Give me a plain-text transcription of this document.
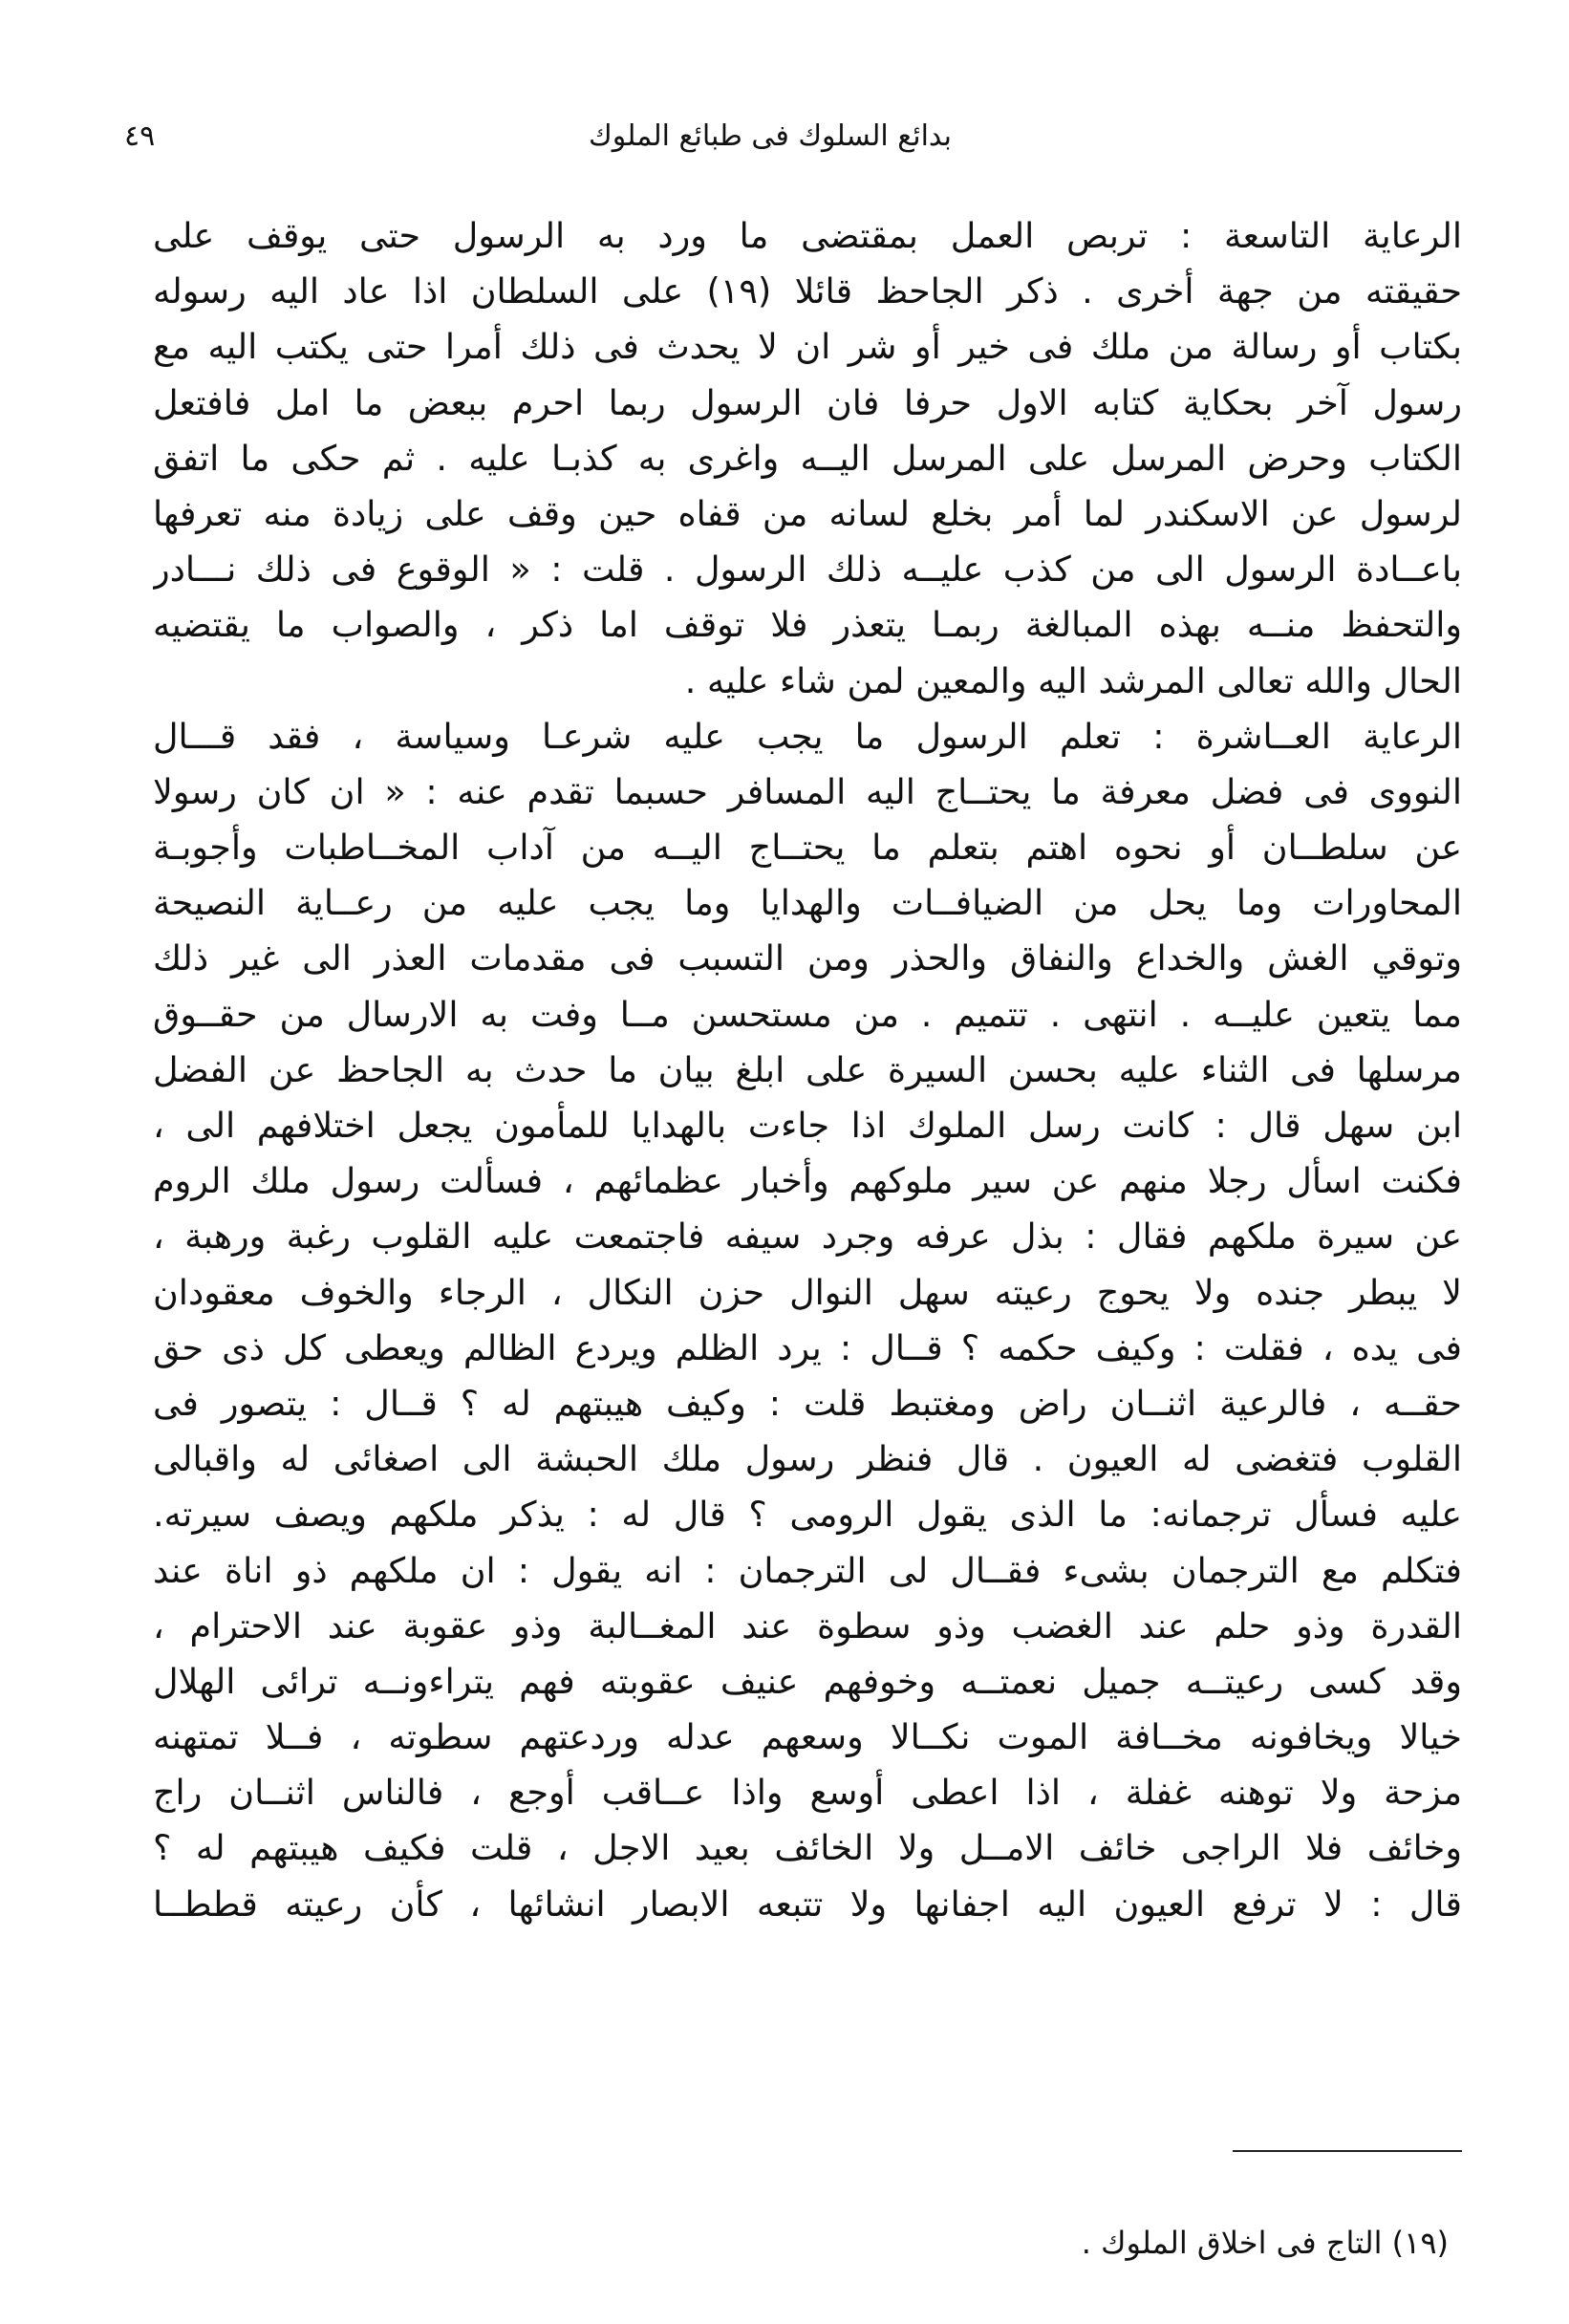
بدائع السلوك فى طبائع الملوك
٤٩
الرعاية التاسعة : تربص العمل بمقتضى ما ورد به الرسول حتى يوقف على
حقيقته من جهة أخرى . ذكر الجاحظ قائلا (١٩) على السلطان اذا عاد اليه رسوله
بكتاب أو رسالة من ملك فى خير أو شر ان لا يحدث فى ذلك أمرا حتى يكتب اليه مع
رسول آخر بحكاية كتابه الاول حرفا فان الرسول ربما احرم ببعض ما امل فافتعل
الكتاب وحرض المرسل على المرسل اليــه واغرى به كذبـا عليه . ثم حكى ما اتفق
لرسول عن الاسكندر لما أمر بخلع لسانه من قفاه حين وقف على زيادة منه تعرفها
باعــادة الرسول الى من كذب عليــه ذلك الرسول . قلت : « الوقوع فى ذلك نـــادر
والتحفظ منــه بهذه المبالغة ربمـا يتعذر فلا توقف اما ذكر ، والصواب ما يقتضيه
الحال والله تعالى المرشد اليه والمعين لمن شاء عليه .
الرعاية العــاشرة : تعلم الرسول ما يجب عليه شرعـا وسياسة ، فقد قـــال
النووى فى فضل معرفة ما يحتــاج اليه المسافر حسبما تقدم عنه : « ان كان رسولا
عن سلطــان أو نحوه اهتم بتعلم ما يحتــاج اليــه من آداب المخــاطبات وأجوبـة
المحاورات وما يحل من الضيافــات والهدايا وما يجب عليه من رعــاية النصيحة
وتوقي الغش والخداع والنفاق والحذر ومن التسبب فى مقدمات العذر الى غير ذلك
مما يتعين عليــه . انتهى . تتميم . من مستحسن مــا وفت به الارسال من حقــوق
مرسلها فى الثناء عليه بحسن السيرة على ابلغ بيان ما حدث به الجاحظ عن الفضل
ابن سهل قال : كانت رسل الملوك اذا جاءت بالهدايا للمأمون يجعل اختلافهم الى ،
فكنت اسأل رجلا منهم عن سير ملوكهم وأخبار عظمائهم ، فسألت رسول ملك الروم
عن سيرة ملكهم فقال : بذل عرفه وجرد سيفه فاجتمعت عليه القلوب رغبة ورهبة ،
لا يبطر جنده ولا يحوج رعيته سهل النوال حزن النكال ، الرجاء والخوف معقودان
فى يده ، فقلت : وكيف حكمه ؟ قــال : يرد الظلم ويردع الظالم ويعطى كل ذى حق
حقــه ، فالرعية اثنــان راض ومغتبط قلت : وكيف هيبتهم له ؟ قــال : يتصور فى
القلوب فتغضى له العيون . قال فنظر رسول ملك الحبشة الى اصغائى له واقبالى
عليه فسأل ترجمانه: ما الذى يقول الرومى ؟ قال له : يذكر ملكهم ويصف سيرته.
فتكلم مع الترجمان بشىء فقــال لى الترجمان : انه يقول : ان ملكهم ذو اناة عند
القدرة وذو حلم عند الغضب وذو سطوة عند المغــالبة وذو عقوبة عند الاحترام ،
وقد كسى رعيتــه جميل نعمتــه وخوفهم عنيف عقوبته فهم يتراءونــه ترائى الهلال
خيالا ويخافونه مخــافة الموت نكــالا وسعهم عدله وردعتهم سطوته ، فــلا تمتهنه
مزحة ولا توهنه غفلة ، اذا اعطى أوسع واذا عــاقب أوجع ، فالناس اثنــان راج
وخائف فلا الراجى خائف الامــل ولا الخائف بعيد الاجل ، قلت فكيف هيبتهم له ؟
قال : لا ترفع العيون اليه اجفانها ولا تتبعه الابصار انشائها ، كأن رعيته قططــا
(١٩) التاج فى اخلاق الملوك .
